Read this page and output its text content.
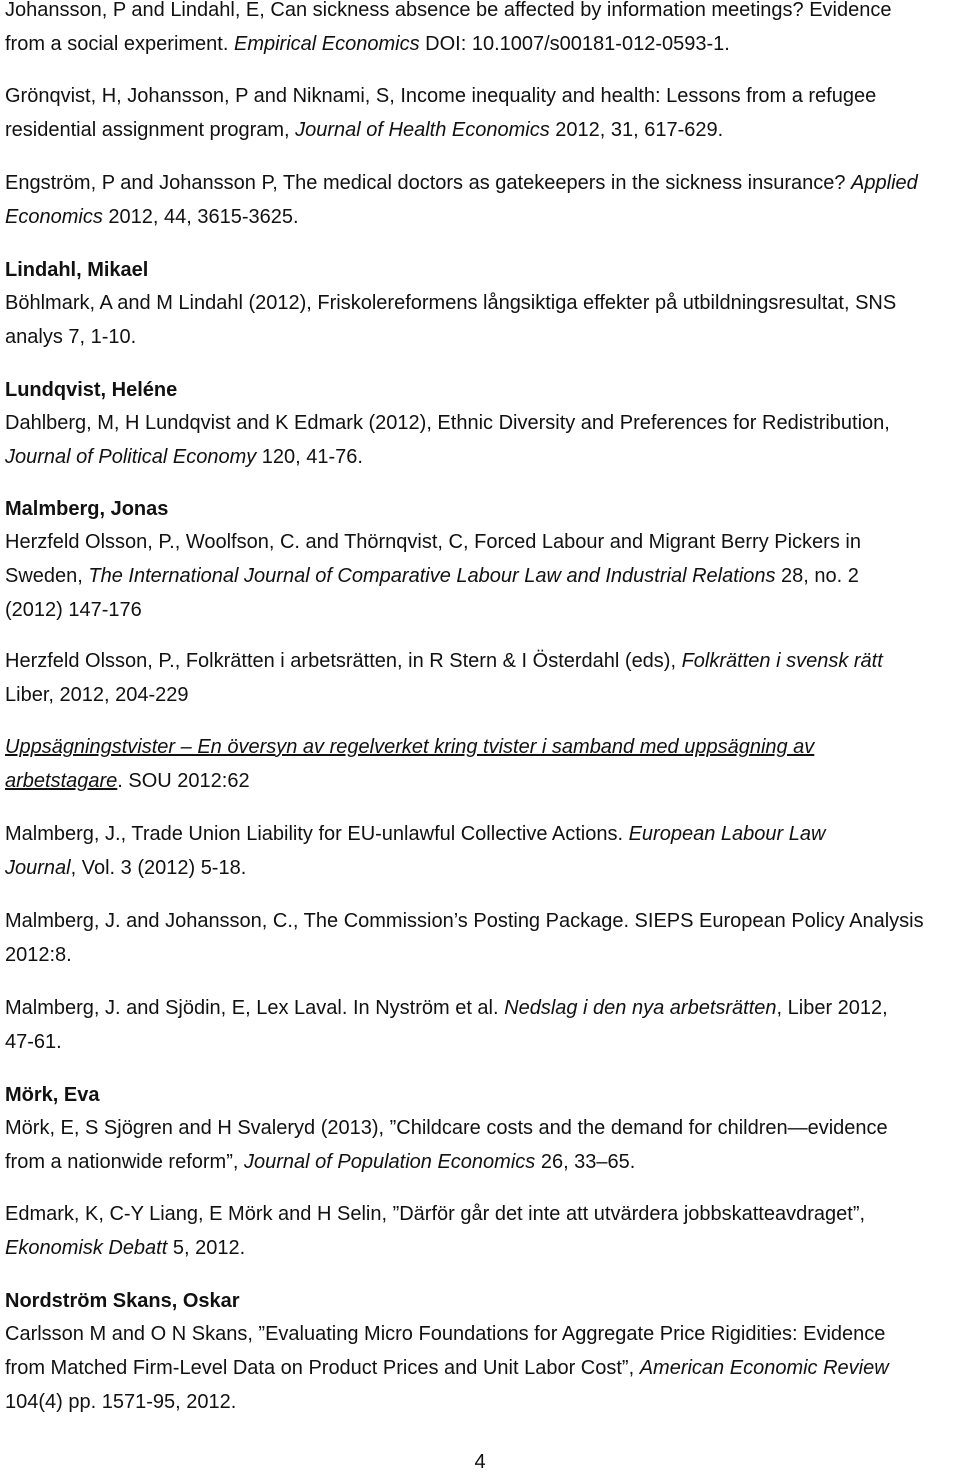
Johansson, P and Lindahl, E, Can sickness absence be affected by information meetings? Evidence

from a social experiment. Empirical Economics DOI: 10.1007/s00181-012-0593-1.

Grönqvist, H, Johansson, P and Niknami, S, Income inequality and health: Lessons from a refugee

residential assignment program, Journal of Health Economics 2012, 31, 617-629.

Engström, P and Johansson P, The medical doctors as gatekeepers in the sickness insurance? Applied

Economics 2012, 44, 3615-3625.

Lindahl, Mikael

Böhlmark, A and M Lindahl (2012), Friskolereformens långsiktiga effekter på utbildningsresultat, SNS

analys 7, 1-10.

Lundqvist, Heléne

Dahlberg, M, H Lundqvist and K Edmark (2012), Ethnic Diversity and Preferences for Redistribution,

Journal of Political Economy 120, 41-76.

Malmberg, Jonas

Herzfeld Olsson, P., Woolfson, C. and Thörnqvist, C, Forced Labour and Migrant Berry Pickers in

Sweden, The International Journal of Comparative Labour Law and Industrial Relations 28, no. 2

(2012) 147-176

Herzfeld Olsson, P., Folkrätten i arbetsrätten, in R Stern & I Österdahl (eds), Folkrätten i svensk rätt

Liber, 2012, 204-229

Uppsägningstvister – En översyn av regelverket kring tvister i samband med uppsägning av

arbetstagare. SOU 2012:62

Malmberg, J., Trade Union Liability for EU-unlawful Collective Actions. European Labour Law

Journal, Vol. 3 (2012) 5-18.

Malmberg, J. and Johansson, C., The Commission’s Posting Package. SIEPS European Policy Analysis

2012:8.

Malmberg, J. and Sjödin, E, Lex Laval. In Nyström et al. Nedslag i den nya arbetsrätten, Liber 2012,

47-61.

Mörk, Eva

Mörk, E, S Sjögren and H Svaleryd (2013), ”Childcare costs and the demand for children—evidence

from a nationwide reform”, Journal of Population Economics 26, 33–65.

Edmark, K, C-Y Liang, E Mörk and H Selin, ”Därför går det inte att utvärdera jobbskatteavdraget”,

Ekonomisk Debatt 5, 2012.

Nordström Skans, Oskar

Carlsson M and O N Skans, ”Evaluating Micro Foundations for Aggregate Price Rigidities: Evidence

from Matched Firm-Level Data on Product Prices and Unit Labor Cost”, American Economic Review

104(4) pp. 1571-95, 2012.

4
